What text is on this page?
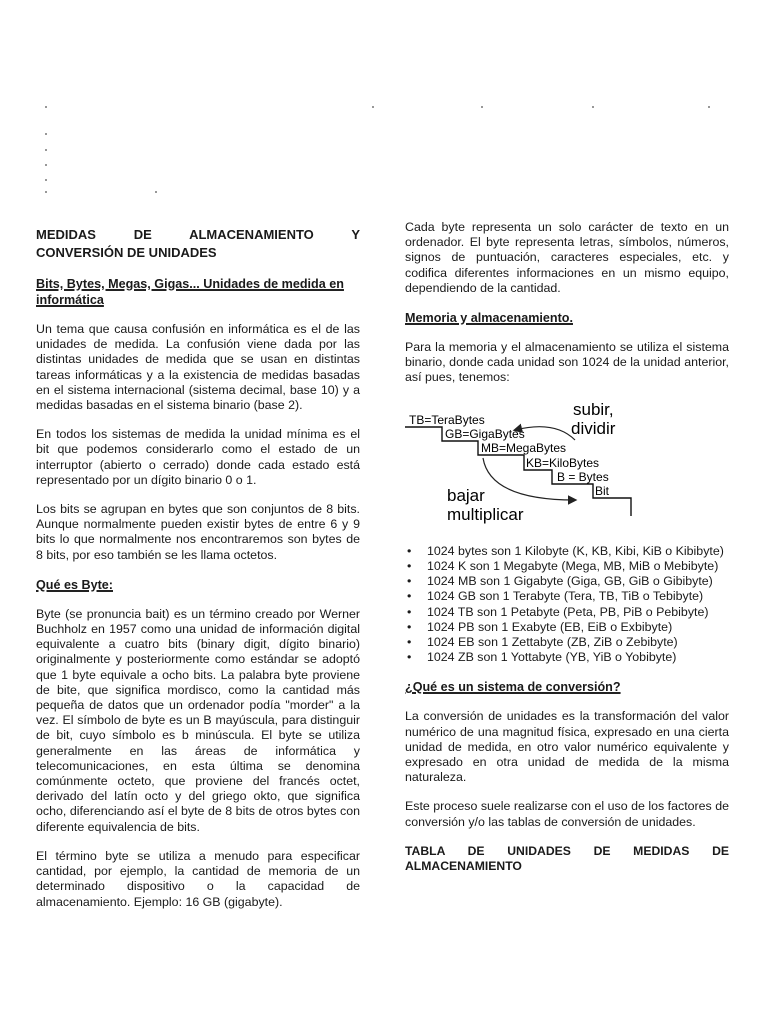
MEDIDAS DE ALMACENAMIENTO Y
CONVERSIÓN DE UNIDADES
Bits, Bytes, Megas, Gigas... Unidades de medida en informática

Un tema que causa confusión en informática es el de las unidades de medida. La confusión viene dada por las distintas unidades de medida que se usan en distintas tareas informáticas y a la existencia de medidas basadas en el sistema internacional (sistema decimal, base 10) y a medidas basadas en el sistema binario (base 2).

En todos los sistemas de medida la unidad mínima es el bit que podemos considerarlo como el estado de un interruptor (abierto o cerrado) donde cada estado está representado por un dígito binario 0 o 1.

Los bits se agrupan en bytes que son conjuntos de 8 bits. Aunque normalmente pueden existir bytes de entre 6 y 9 bits lo que normalmente nos encontraremos son bytes de 8 bits, por eso también se les llama octetos.

Qué es Byte:

Byte (se pronuncia bait) es un término creado por Werner Buchholz en 1957 como una unidad de información digital equivalente a cuatro bits (binary digit, dígito binario) originalmente y posteriormente como estándar se adoptó que 1 byte equivale a ocho bits. La palabra byte proviene de bite, que significa mordisco, como la cantidad más pequeña de datos que un ordenador podía "morder" a la vez. El símbolo de byte es un B mayúscula, para distinguir de bit, cuyo símbolo es b minúscula. El byte se utiliza generalmente en las áreas de informática y telecomunicaciones, en esta última se denomina comúnmente octeto, que proviene del francés octet, derivado del latín octo y del griego okto, que significa ocho, diferenciando así el byte de 8 bits de otros bytes con diferente equivalencia de bits.

El término byte se utiliza a menudo para especificar cantidad, por ejemplo, la cantidad de memoria de un determinado dispositivo o la capacidad de almacenamiento. Ejemplo: 16 GB (gigabyte).

Cada byte representa un solo carácter de texto en un ordenador. El byte representa letras, símbolos, números, signos de puntuación, caracteres especiales, etc. y codifica diferentes informaciones en un mismo equipo, dependiendo de la cantidad.

Memoria y almacenamiento.

Para la memoria y el almacenamiento se utiliza el sistema binario, donde cada unidad son 1024 de la unidad anterior, así pues, tenemos:

TB=TeraBytes
GB=GigaBytes
MB=MegaBytes
KB=KiloBytes
B = Bytes
Bit
subir,
dividir
bajar
multiplicar
• 1024 bytes son 1 Kilobyte (K, KB, Kibi, KiB o Kibibyte)
• 1024 K son 1 Megabyte (Mega, MB, MiB o Mebibyte)
• 1024 MB son 1 Gigabyte (Giga, GB, GiB o Gibibyte)
• 1024 GB son 1 Terabyte (Tera, TB, TiB o Tebibyte)
• 1024 TB son 1 Petabyte (Peta, PB, PiB o Pebibyte)
• 1024 PB son 1 Exabyte (EB, EiB o Exbibyte)
• 1024 EB son 1 Zettabyte (ZB, ZiB o Zebibyte)
• 1024 ZB son 1 Yottabyte (YB, YiB o Yobibyte)
¿Qué es un sistema de conversión?

La conversión de unidades es la transformación del valor numérico de una magnitud física, expresado en una cierta unidad de medida, en otro valor numérico equivalente y expresado en otra unidad de medida de la misma naturaleza.

Este proceso suele realizarse con el uso de los factores de conversión y/o las tablas de conversión de unidades.

TABLA DE UNIDADES DE MEDIDAS DE
ALMACENAMIENTO
